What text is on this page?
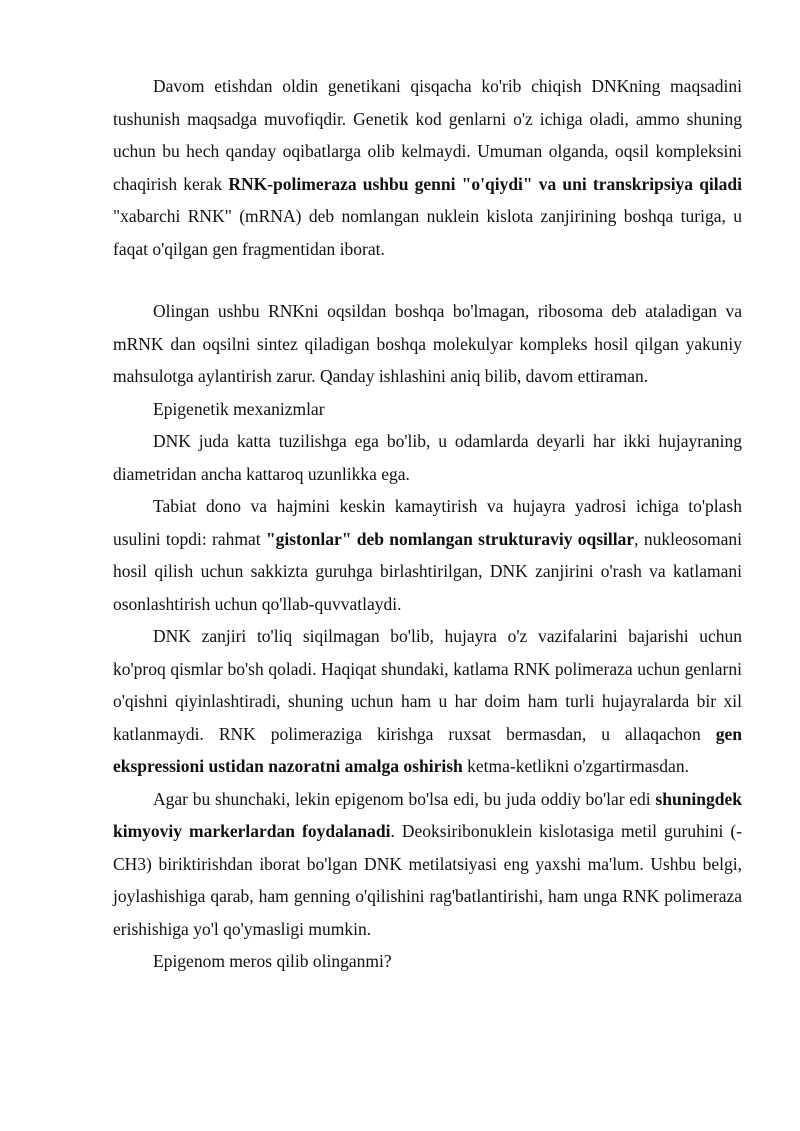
Davom etishdan oldin genetikani qisqacha ko'rib chiqish DNKning maqsadini tushunish maqsadga muvofiqdir. Genetik kod genlarni o'z ichiga oladi, ammo shuning uchun bu hech qanday oqibatlarga olib kelmaydi. Umuman olganda, oqsil kompleksini chaqirish kerak RNK-polimeraza ushbu genni "o'qiydi" va uni transkripsiya qiladi "xabarchi RNK" (mRNA) deb nomlangan nuklein kislota zanjirining boshqa turiga, u faqat o'qilgan gen fragmentidan iborat.

Olingan ushbu RNKni oqsildan boshqa bo'lmagan, ribosoma deb ataladigan va mRNK dan oqsilni sintez qiladigan boshqa molekulyar kompleks hosil qilgan yakuniy mahsulotga aylantirish zarur. Qanday ishlashini aniq bilib, davom ettiraman.

Epigenetik mexanizmlar

DNK juda katta tuzilishga ega bo'lib, u odamlarda deyarli har ikki hujayraning diametridan ancha kattaroq uzunlikka ega.

Tabiat dono va hajmini keskin kamaytirish va hujayra yadrosi ichiga to'plash usulini topdi: rahmat "gistonlar" deb nomlangan strukturaviy oqsillar, nukleosomani hosil qilish uchun sakkizta guruhga birlashtirilgan, DNK zanjirini o'rash va katlamani osonlashtirish uchun qo'llab-quvvatlaydi.

DNK zanjiri to'liq siqilmagan bo'lib, hujayra o'z vazifalarini bajarishi uchun ko'proq qismlar bo'sh qoladi. Haqiqat shundaki, katlama RNK polimeraza uchun genlarni o'qishni qiyinlashtiradi, shuning uchun ham u har doim ham turli hujayralarda bir xil katlanmaydi. RNK polimeraziga kirishga ruxsat bermasdan, u allaqachon gen ekspressioni ustidan nazoratni amalga oshirish ketma-ketlikni o'zgartirmasdan.

Agar bu shunchaki, lekin epigenom bo'lsa edi, bu juda oddiy bo'lar edi shuningdek kimyoviy markerlardan foydalanadi. Deoksiribonuklein kislotasiga metil guruhini (-CH3) biriktirishdan iborat bo'lgan DNK metilatsiyasi eng yaxshi ma'lum. Ushbu belgi, joylashishiga qarab, ham genning o'qilishini rag'batlantirishi, ham unga RNK polimeraza erishishiga yo'l qo'ymasligi mumkin.

Epigenom meros qilib olinganmi?
